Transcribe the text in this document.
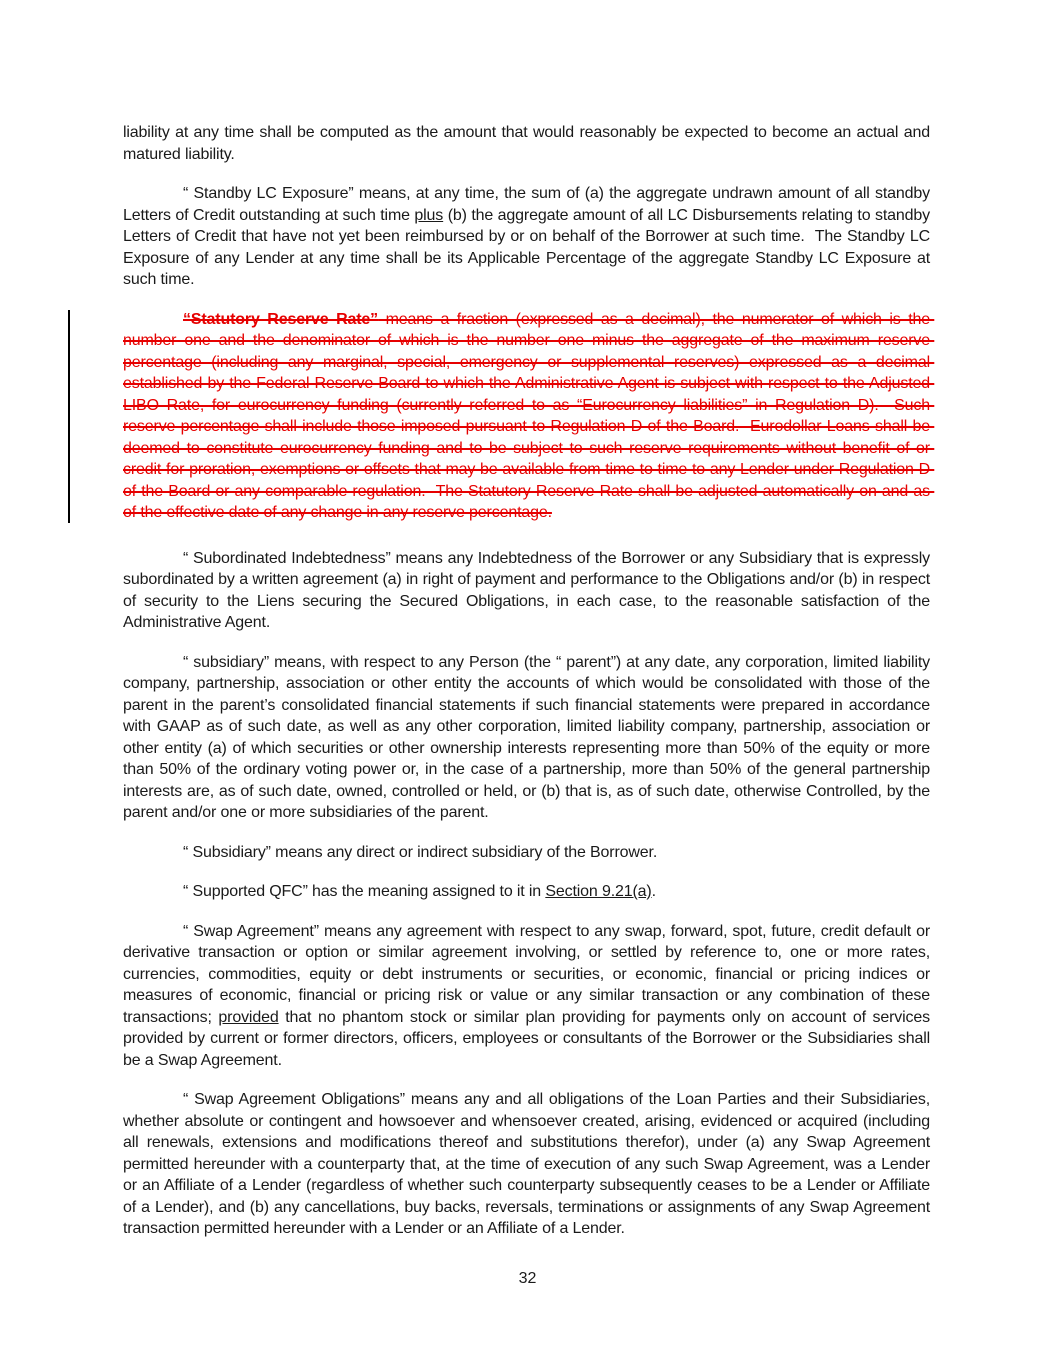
liability at any time shall be computed as the amount that would reasonably be expected to become an actual and matured liability.
“ Standby LC Exposure” means, at any time, the sum of (a) the aggregate undrawn amount of all standby Letters of Credit outstanding at such time plus (b) the aggregate amount of all LC Disbursements relating to standby Letters of Credit that have not yet been reimbursed by or on behalf of the Borrower at such time.  The Standby LC Exposure of any Lender at any time shall be its Applicable Percentage of the aggregate Standby LC Exposure at such time.
“Statutory Reserve Rate” means a fraction (expressed as a decimal), the numerator of which is the number one and the denominator of which is the number one minus the aggregate of the maximum reserve percentage (including any marginal, special, emergency or supplemental reserves) expressed as a decimal established by the Federal Reserve Board to which the Administrative Agent is subject with respect to the Adjusted LIBO Rate, for eurocurrency funding (currently referred to as “Eurocurrency liabilities” in Regulation D).  Such reserve percentage shall include those imposed pursuant to Regulation D of the Board.  Eurodollar Loans shall be deemed to constitute eurocurrency funding and to be subject to such reserve requirements without benefit of or credit for proration, exemptions or offsets that may be available from time to time to any Lender under Regulation D of the Board or any comparable regulation.  The Statutory Reserve Rate shall be adjusted automatically on and as of the effective date of any change in any reserve percentage.
“ Subordinated Indebtedness” means any Indebtedness of the Borrower or any Subsidiary that is expressly subordinated by a written agreement (a) in right of payment and performance to the Obligations and/or (b) in respect of security to the Liens securing the Secured Obligations, in each case, to the reasonable satisfaction of the Administrative Agent.
“ subsidiary” means, with respect to any Person (the “ parent”) at any date, any corporation, limited liability company, partnership, association or other entity the accounts of which would be consolidated with those of the parent in the parent’s consolidated financial statements if such financial statements were prepared in accordance with GAAP as of such date, as well as any other corporation, limited liability company, partnership, association or other entity (a) of which securities or other ownership interests representing more than 50% of the equity or more than 50% of the ordinary voting power or, in the case of a partnership, more than 50% of the general partnership interests are, as of such date, owned, controlled or held, or (b) that is, as of such date, otherwise Controlled, by the parent and/or one or more subsidiaries of the parent.
“ Subsidiary” means any direct or indirect subsidiary of the Borrower.
“ Supported QFC” has the meaning assigned to it in Section 9.21(a).
“ Swap Agreement” means any agreement with respect to any swap, forward, spot, future, credit default or derivative transaction or option or similar agreement involving, or settled by reference to, one or more rates, currencies, commodities, equity or debt instruments or securities, or economic, financial or pricing indices or measures of economic, financial or pricing risk or value or any similar transaction or any combination of these transactions; provided that no phantom stock or similar plan providing for payments only on account of services provided by current or former directors, officers, employees or consultants of the Borrower or the Subsidiaries shall be a Swap Agreement.
“ Swap Agreement Obligations” means any and all obligations of the Loan Parties and their Subsidiaries, whether absolute or contingent and howsoever and whensoever created, arising, evidenced or acquired (including all renewals, extensions and modifications thereof and substitutions therefor), under (a) any Swap Agreement permitted hereunder with a counterparty that, at the time of execution of any such Swap Agreement, was a Lender or an Affiliate of a Lender (regardless of whether such counterparty subsequently ceases to be a Lender or Affiliate of a Lender), and (b) any cancellations, buy backs, reversals, terminations or assignments of any Swap Agreement transaction permitted hereunder with a Lender or an Affiliate of a Lender.
32
